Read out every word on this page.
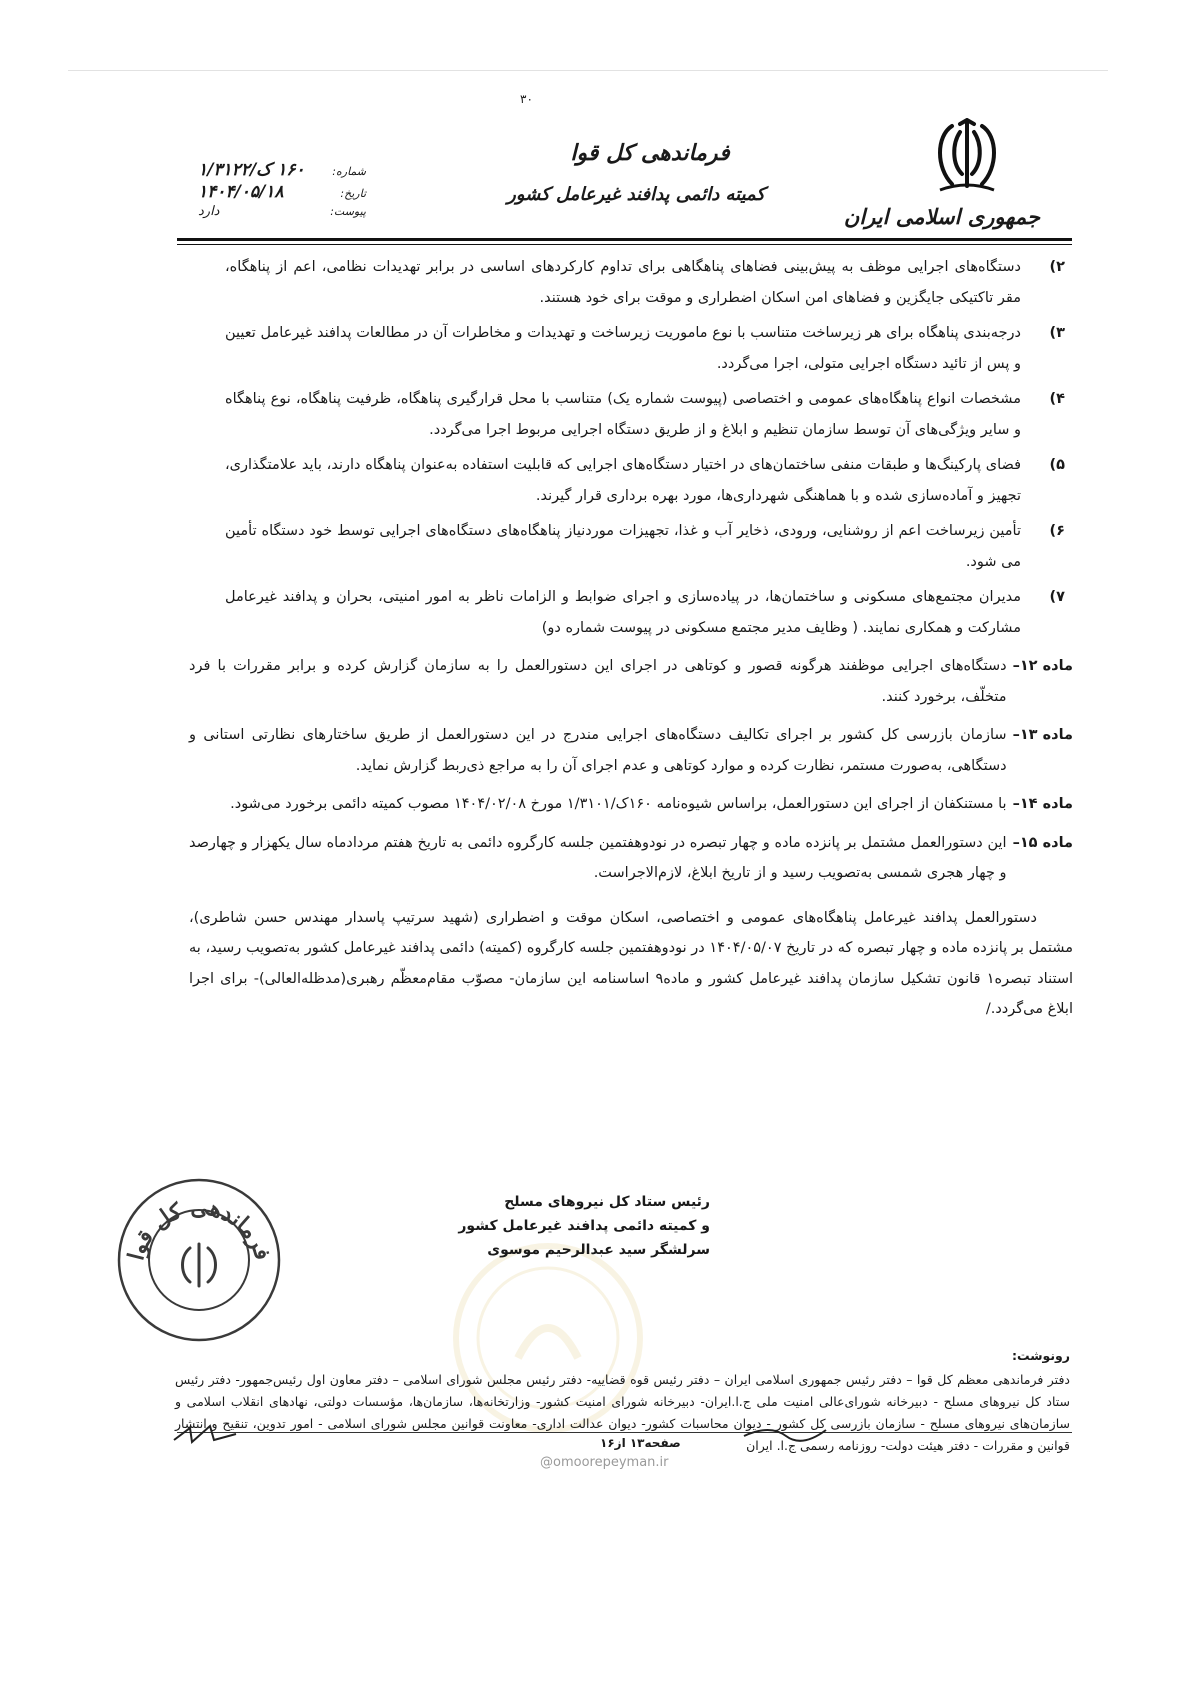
جمهوری اسلامی ایران
۳۰
فرماندهی کل قوا
کمیته دائمی پدافند غیرعامل کشور
شماره:
۱۶۰ ک/۱/۳۱۲۲
تاریخ:
۱۴۰۴/۰۵/۱۸
پیوست:
دارد
۲)
دستگاه‌های اجرایی موظف به پیش‌بینی فضاهای پناهگاهی برای تداوم کارکردهای اساسی در برابر تهدیدات نظامی، اعم از پناهگاه، مقر تاکتیکی جایگزین و فضاهای امن اسکان اضطراری و موقت برای خود هستند.
۳)
درجه‌بندی پناهگاه برای هر زیرساخت متناسب با نوع ماموریت زیرساخت و تهدیدات و مخاطرات آن در مطالعات پدافند غیرعامل تعیین و پس از تائید دستگاه اجرایی متولی، اجرا می‌گردد.
۴)
مشخصات انواع پناهگاه‌های عمومی و اختصاصی (پیوست شماره یک) متناسب با محل قرارگیری پناهگاه، ظرفیت پناهگاه، نوع پناهگاه و سایر ویژگی‌های آن توسط سازمان تنظیم و ابلاغ و از طریق دستگاه اجرایی مربوط اجرا می‌گردد.
۵)
فضای پارکینگ‌ها و طبقات منفی ساختمان‌های در اختیار دستگاه‌های اجرایی که قابلیت استفاده به‌عنوان پناهگاه دارند، باید علامتگذاری، تجهیز و آماده‌سازی شده و با هماهنگی شهرداری‌ها، مورد بهره برداری قرار گیرند.
۶)
تأمین زیرساخت اعم از روشنایی، ورودی، ذخایر آب و غذا، تجهیزات موردنیاز پناهگاه‌های دستگاه‌های اجرایی توسط خود دستگاه تأمین می شود.
۷)
مدیران مجتمع‌های مسکونی و ساختمان‌ها، در پیاده‌سازی و اجرای ضوابط و الزامات ناظر به امور امنیتی، بحران و پدافند غیرعامل مشارکت و همکاری نمایند. ( وظایف مدیر مجتمع مسکونی در پیوست شماره دو)
ماده ۱۲–
دستگاه‌های اجرایی موظفند هرگونه قصور و کوتاهی در اجرای این دستورالعمل را به سازمان گزارش کرده و برابر مقررات با فرد متخلّف، برخورد کنند.
ماده ۱۳–
سازمان بازرسی کل کشور بر اجرای تکالیف دستگاه‌های اجرایی مندرج در این دستورالعمل از طریق ساختارهای نظارتی استانی و دستگاهی، به‌صورت مستمر، نظارت کرده و موارد کوتاهی و عدم اجرای آن را به مراجع ذی‌ربط گزارش نماید.
ماده ۱۴–
با مستنکفان از اجرای این دستورالعمل، براساس شیوه‌نامه ۱۶۰ک/۱/۳۱۰۱ مورخ ۱۴۰۴/۰۲/۰۸ مصوب کمیته دائمی برخورد می‌شود.
ماده ۱۵–
این دستورالعمل مشتمل بر پانزده ماده و چهار تبصره در نودوهفتمین جلسه کارگروه دائمی به تاریخ هفتم مردادماه سال یکهزار و چهارصد و چهار هجری شمسی به‌تصویب رسید و از تاریخ ابلاغ، لازم‌الاجراست.
دستورالعمل پدافند غیرعامل پناهگاه‌های عمومی و اختصاصی، اسکان موقت و اضطراری (شهید سرتیپ پاسدار مهندس حسن شاطری)، مشتمل بر پانزده ماده و چهار تبصره که در تاریخ ۱۴۰۴/۰۵/۰۷ در نودوهفتمین جلسه کارگروه (کمیته) دائمی پدافند غیرعامل کشور به‌تصویب رسید، به استناد تبصره۱ قانون تشکیل سازمان پدافند غیرعامل کشور و ماده۹ اساسنامه این سازمان- مصوّب مقام‌معظّم رهبری(مدظله‌العالی)- برای اجرا ابلاغ می‌گردد./
@omoorepeyman.ir
فرماندهی کل قوا
رئیس ستاد کل نیروهای مسلح
و کمیته دائمی پدافند غیرعامل کشور
سرلشگر سید عبدالرحیم موسوی
رونوشت:
دفتر فرماندهی معظم کل قوا – دفتر رئیس جمهوری اسلامی ایران – دفتر رئیس قوه قضاییه- دفتر رئیس مجلس شورای اسلامی – دفتر معاون اول رئیس‌جمهور- دفتر رئیس ستاد کل نیروهای مسلح - دبیرخانه شورای‌عالی امنیت ملی ج.ا.ایران- دبیرخانه شورای امنیت کشور- وزارتخانه‌ها، سازمان‌ها، مؤسسات دولتی، نهادهای انقلاب اسلامی و سازمان‌های نیروهای مسلح - سازمان بازرسی کل کشور - دیوان محاسبات کشور- دیوان عدالت اداری- معاونت قوانین مجلس شورای اسلامی - امور تدوین، تنقیح و انتشار قوانین و مقررات - دفتر هیئت دولت- روزنامه رسمی ج.ا. ایران
صفحه۱۳ از۱۶
